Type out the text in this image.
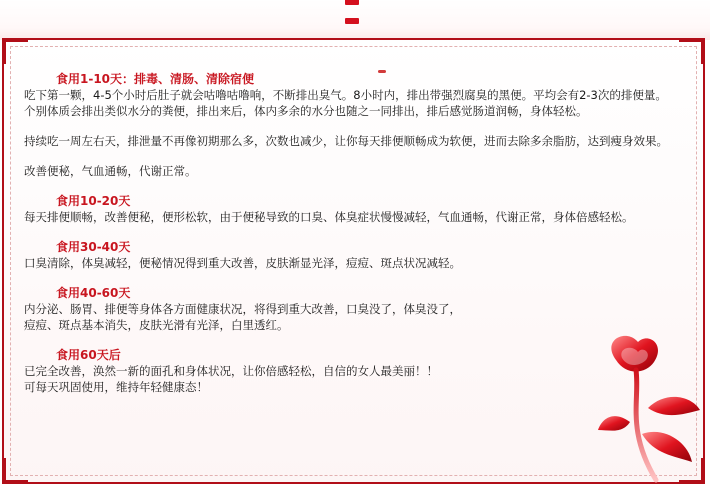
食用1-10天：排毒、清肠、清除宿便

吃下第一颗，4-5个小时后肚子就会咕噜咕噜响，不断排出臭气。8小时内，排出带强烈腐臭的黑便。平均会有2-3次的排便量。

个别体质会排出类似水分的粪便，排出来后，体内多余的水分也随之一同排出，排后感觉肠道润畅，身体轻松。

持续吃一周左右天，排泄量不再像初期那么多，次数也减少，让你每天排便顺畅成为软便，进而去除多余脂肪，达到瘦身效果。

改善便秘，气血通畅，代谢正常。

食用10-20天

每天排便顺畅，改善便秘，便形松软，由于便秘导致的口臭、体臭症状慢慢减轻，气血通畅，代谢正常，身体倍感轻松。

食用30-40天

口臭清除，体臭减轻，便秘情况得到重大改善，皮肤渐显光泽，痘痘、斑点状况减轻。

食用40-60天

内分泌、肠胃、排便等身体各方面健康状况，将得到重大改善，口臭没了，体臭没了，

痘痘、斑点基本消失，皮肤光滑有光泽，白里透红。

食用60天后

已完全改善，涣然一新的面孔和身体状况，让你倍感轻松，自信的女人最美丽！！

可每天巩固使用，维持年轻健康态！
